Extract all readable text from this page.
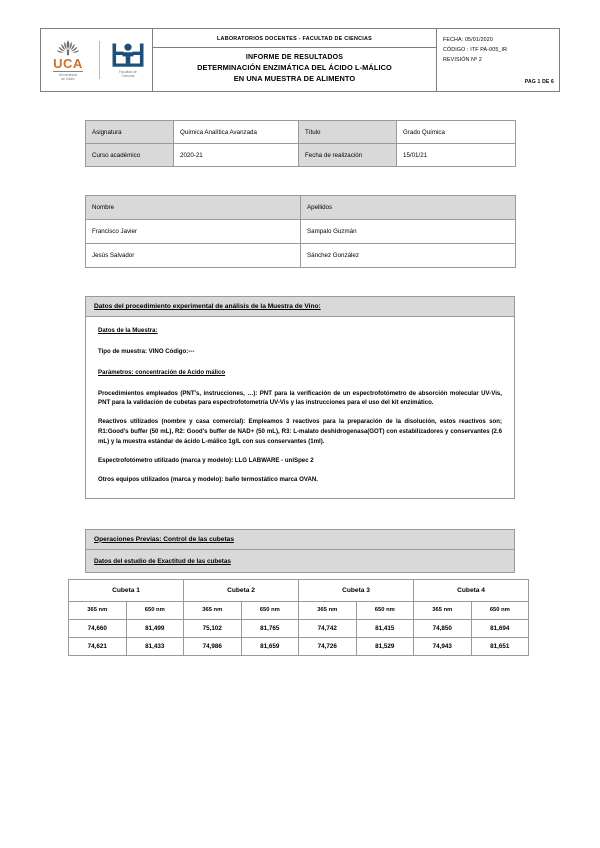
UCA
Universidad
de Cádiz
Facultad de
Ciencias
LABORATORIOS DOCENTES - FACULTAD DE CIENCIAS
INFORME DE RESULTADOS
DETERMINACIÓN ENZIMÁTICA DEL ÁCIDO L-MÁLICO
EN UNA MUESTRA DE ALIMENTO
FECHA: 05/01/2020
CÓDIGO : ITF PA-005_IR
REVISIÓN Nº 2
PAG 1 DE 6
Asignatura	Química Analítica Avanzada	Título	Grado Química
Curso académico	2020-21	Fecha de realización	15/01/21
Nombre	Apellidos
Francisco Javier	Sampalo Guzmán
Jesús Salvador	Sánchez González
Datos del procedimiento experimental de análisis de la Muestra de Vino:

Datos de la Muestra:

Tipo de muestra: VINO Código:---

Parámetros: concentración de Acido málico

Procedimientos empleados (PNT's, instrucciones, …): PNT para la verificación de un espectrofotómetro de absorción molecular UV-Vis, PNT para la validación de cubetas para espectrofotometría UV-Vis y las instrucciones para el uso del kit enzimático.

Reactivos utilizados (nombre y casa comercial): Empleamos 3 reactivos para la preparación de la disolución, estos reactivos son; R1:Good's buffer (50 mL), R2: Good's buffer de NAD+ (50 mL), R3: L-malato deshidrogenasa(GOT) con estabilizadores y conservantes (2.6 mL) y la muestra estándar de ácido L-málico 1g/L con sus conservantes (1ml).

Espectrofotómetro utilizado (marca y modelo): LLG LABWARE - uniSpec 2

Otros equipos utilizados (marca y modelo): baño termostático marca OVAN.

Operaciones Previas: Control de las cubetas
Datos del estudio de Exactitud de las cubetas
Cubeta 1		Cubeta 2		Cubeta 3		Cubeta 4	
365 nm	650 nm	365 nm	650 nm	365 nm	650 nm	365 nm	650 nm
74,660	81,499	75,102	81,765	74,742	81,415	74,850	81,694
74,621	81,433	74,986	81,659	74,726	81,529	74,943	81,651
